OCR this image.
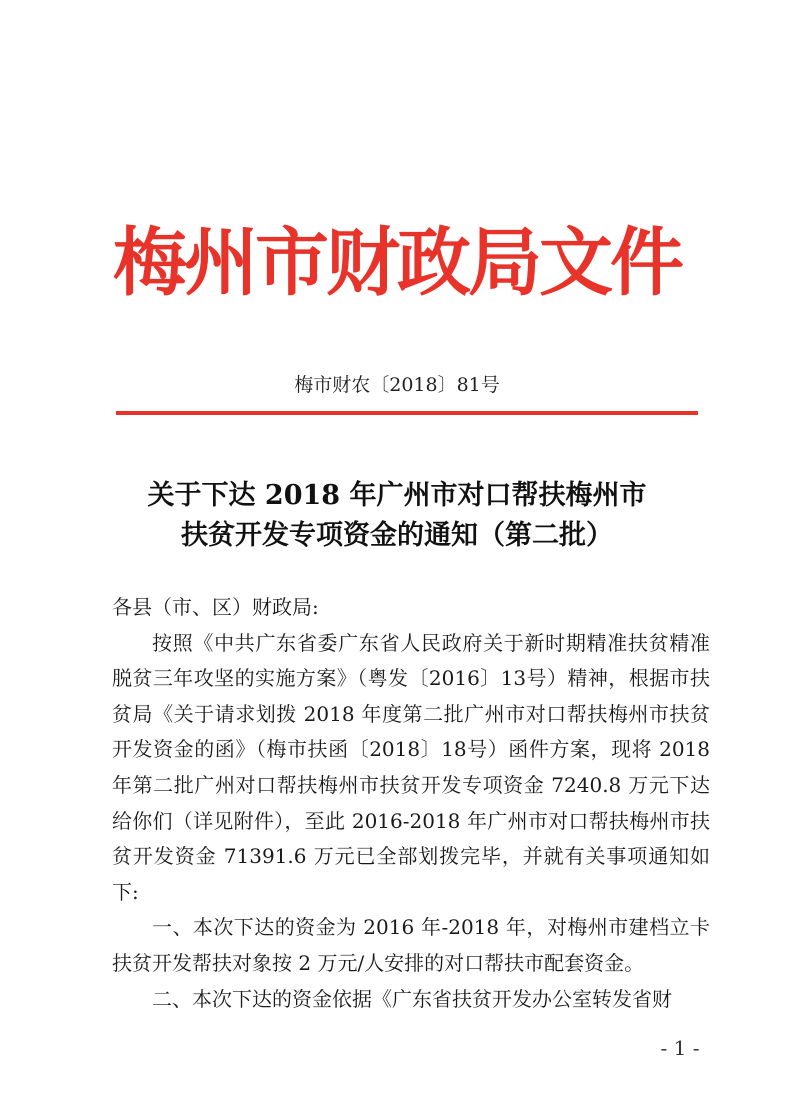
梅州市财政局文件
梅市财农〔2018〕81号
关于下达 2018 年广州市对口帮扶梅州市
扶贫开发专项资金的通知（第二批）

各县（市、区）财政局:

按照《中共广东省委广东省人民政府关于新时期精准扶贫精准脱贫三年攻坚的实施方案》（粤发〔2016〕13号）精神，根据市扶贫局《关于请求划拨 2018 年度第二批广州市对口帮扶梅州市扶贫开发资金的函》（梅市扶函〔2018〕18号）函件方案，现将 2018 年第二批广州对口帮扶梅州市扶贫开发专项资金 7240.8 万元下达给你们（详见附件），至此 2016-2018 年广州市对口帮扶梅州市扶贫开发资金 71391.6 万元已全部划拨完毕，并就有关事项通知如下:

一、本次下达的资金为 2016 年-2018 年，对梅州市建档立卡扶贫开发帮扶对象按 2 万元/人安排的对口帮扶市配套资金。

二、本次下达的资金依据《广东省扶贫开发办公室转发省财

- 1 -
